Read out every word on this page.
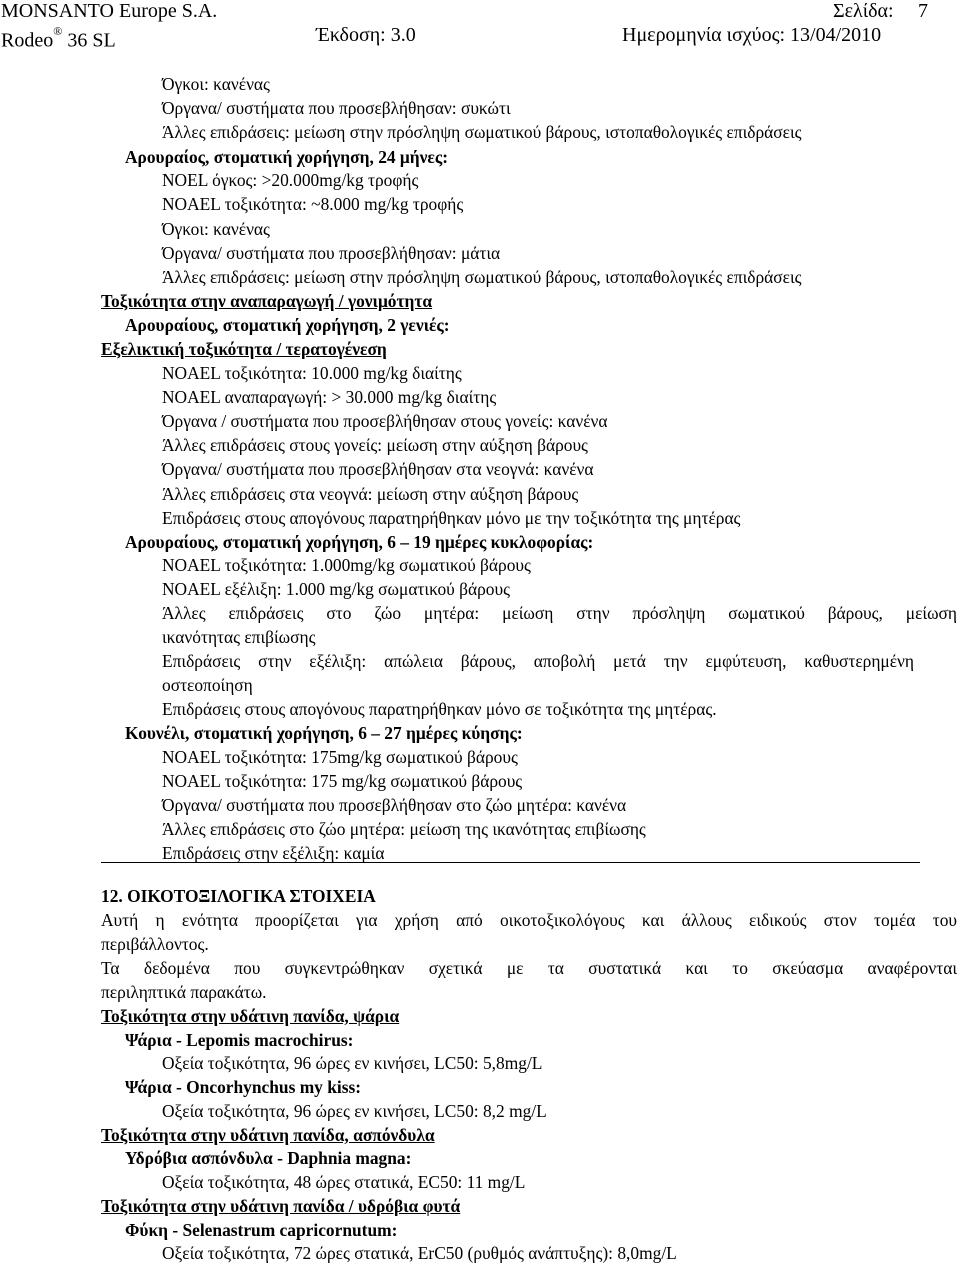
MONSANTO Europe S.A.	Σελίδα: 7
Rodeo® 36 SL	Έκδοση: 3.0	Ημερομηνία ισχύος: 13/04/2010
Όγκοι: κανένας
Όργανα/ συστήματα που προσεβλήθησαν: συκώτι
Άλλες επιδράσεις: μείωση στην πρόσληψη σωματικού βάρους, ιστοπαθολογικές επιδράσεις
Αρουραίος, στοματική χορήγηση, 24 μήνες:
NOEL όγκος: >20.000mg/kg τροφής
NOAEL τοξικότητα: ~8.000 mg/kg τροφής
Όγκοι: κανένας
Όργανα/ συστήματα που προσεβλήθησαν: μάτια
Άλλες επιδράσεις: μείωση στην πρόσληψη σωματικού βάρους, ιστοπαθολογικές επιδράσεις
Τοξικότητα στην αναπαραγωγή / γονιμότητα
Αρουραίους, στοματική χορήγηση, 2 γενιές:
Εξελικτική τοξικότητα / τερατογένεση
NOAEL τοξικότητα: 10.000 mg/kg διαίτης
NOAEL αναπαραγωγή: > 30.000 mg/kg διαίτης
Όργανα / συστήματα που προσεβλήθησαν στους γονείς: κανένα
Άλλες επιδράσεις στους γονείς: μείωση στην αύξηση βάρους
Όργανα/ συστήματα που προσεβλήθησαν στα νεογνά: κανένα
Άλλες επιδράσεις στα νεογνά: μείωση στην αύξηση βάρους
Επιδράσεις στους απογόνους παρατηρήθηκαν μόνο με την τοξικότητα της μητέρας
Αρουραίους, στοματική χορήγηση, 6 – 19 ημέρες κυκλοφορίας:
NOAEL τοξικότητα: 1.000mg/kg σωματικού βάρους
NOAEL εξέλιξη: 1.000 mg/kg σωματικού βάρους
Άλλες επιδράσεις στο ζώο μητέρα: μείωση στην πρόσληψη σωματικού βάρους, μείωση
ικανότητας επιβίωσης
Επιδράσεις στην εξέλιξη: απώλεια βάρους, αποβολή μετά την εμφύτευση, καθυστερημένη
οστεοποίηση
Επιδράσεις στους απογόνους παρατηρήθηκαν μόνο σε τοξικότητα της μητέρας.
Κουνέλι, στοματική χορήγηση, 6 – 27 ημέρες κύησης:
NOAEL τοξικότητα: 175mg/kg σωματικού βάρους
NOAEL τοξικότητα: 175 mg/kg σωματικού βάρους
Όργανα/ συστήματα που προσεβλήθησαν στο ζώο μητέρα: κανένα
Άλλες επιδράσεις στο ζώο μητέρα: μείωση της ικανότητας επιβίωσης
Επιδράσεις στην εξέλιξη: καμία
12. ΟΙΚΟΤΟΞΙΛΟΓΙΚΑ ΣΤΟΙΧΕΙΑ
Αυτή η ενότητα προορίζεται για χρήση από οικοτοξικολόγους και άλλους ειδικούς στον τομέα του
περιβάλλοντος.
Τα δεδομένα που συγκεντρώθηκαν σχετικά με τα συστατικά και το σκεύασμα αναφέρονται
περιληπτικά παρακάτω.
Τοξικότητα στην υδάτινη πανίδα, ψάρια
Ψάρια - Lepomis macrochirus:
Οξεία τοξικότητα, 96 ώρες εν κινήσει, LC50: 5,8mg/L
Ψάρια - Oncorhynchus my kiss:
Οξεία τοξικότητα, 96 ώρες εν κινήσει, LC50: 8,2 mg/L
Τοξικότητα στην υδάτινη πανίδα, ασπόνδυλα
Υδρόβια ασπόνδυλα - Daphnia magna:
Οξεία τοξικότητα, 48 ώρες στατικά, EC50: 11 mg/L
Τοξικότητα στην υδάτινη πανίδα / υδρόβια φυτά
Φύκη - Selenastrum capricornutum:
Οξεία τοξικότητα, 72 ώρες στατικά, ErC50 (ρυθμός ανάπτυξης): 8,0mg/L
